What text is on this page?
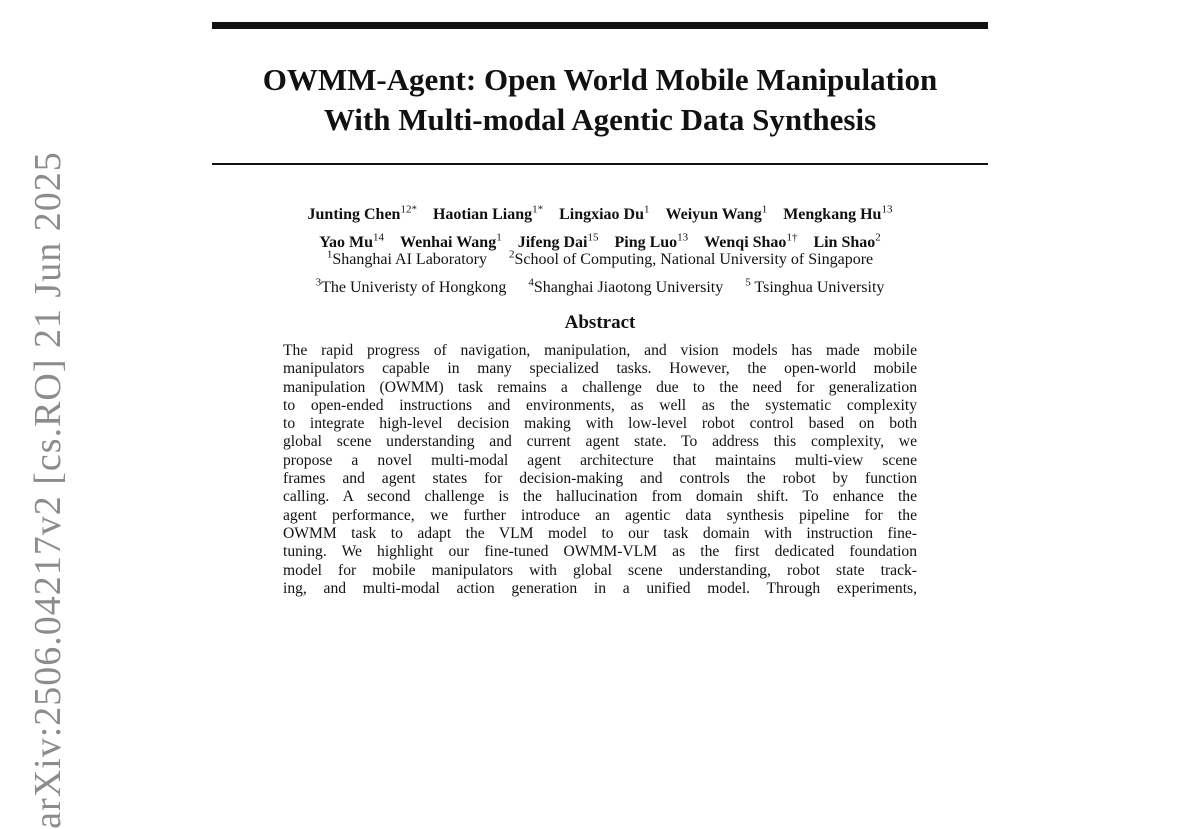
OWMM-Agent: Open World Mobile Manipulation
With Multi-modal Agentic Data Synthesis
Junting Chen$^{12*}$ Haotian Liang$^{1*}$ Lingxiao Du$^1$ Weiyun Wang$^1$ Mengkang Hu$^{13}$
Yao Mu$^{14}$ Wenhai Wang$^1$ Jifeng Dai$^{15}$ Ping Luo$^{13}$ Wenqi Shao$^{1\dagger}$ Lin Shao$^2$
$^1$Shanghai AI Laboratory $^2$School of Computing, National University of Singapore
$^3$The Univeristy of Hongkong $^4$Shanghai Jiaotong University $^5$ Tsinghua University
Abstract
The rapid progress of navigation, manipulation, and vision models has made mobile
manipulators capable in many specialized tasks. However, the open-world mobile
manipulation (OWMM) task remains a challenge due to the need for generalization
to open-ended instructions and environments, as well as the systematic complexity
to integrate high-level decision making with low-level robot control based on both
global scene understanding and current agent state. To address this complexity, we
propose a novel multi-modal agent architecture that maintains multi-view scene
frames and agent states for decision-making and controls the robot by function
calling. A second challenge is the hallucination from domain shift. To enhance the
agent performance, we further introduce an agentic data synthesis pipeline for the
OWMM task to adapt the VLM model to our task domain with instruction fine-
tuning. We highlight our fine-tuned OWMM-VLM as the first dedicated foundation
model for mobile manipulators with global scene understanding, robot state track-
ing, and multi-modal action generation in a unified model. Through experiments,
arXiv:2506.04217v2 [cs.RO] 21 Jun 2025
